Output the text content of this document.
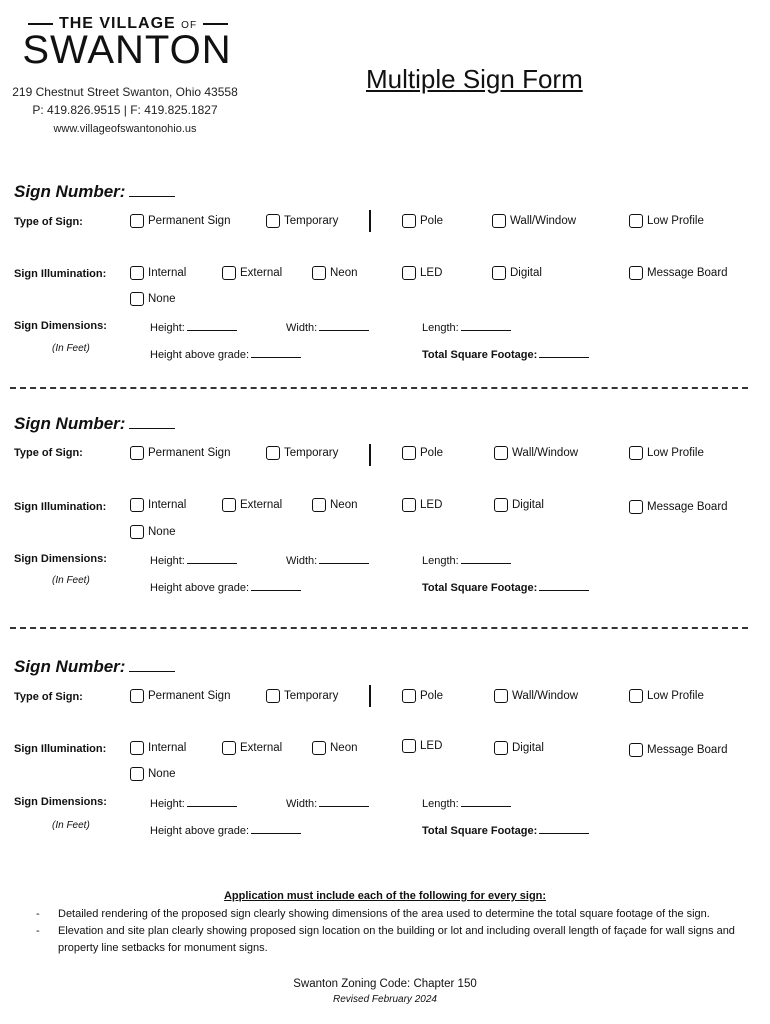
THE VILLAGE OF
SWANTON
219 Chestnut Street Swanton, Ohio 43558
P: 419.826.9515 | F: 419.825.1827
www.villageofswantonohio.us
Multiple Sign Form
Sign Number:
Type of Sign:	Permanent Sign	Temporary	Pole	Wall/Window	Low Profile
Sign Illumination:	Internal	External	Neon	LED	Digital	Message Board
None
Sign Dimensions:
(In Feet)
Height:	Width:	Length:
Height above grade:	Total Square Footage:
Sign Number:
Type of Sign:	Permanent Sign	Temporary	Pole	Wall/Window	Low Profile
Sign Illumination:	Internal	External	Neon	LED	Digital	Message Board
None
Sign Dimensions:
(In Feet)
Height:	Width:	Length:
Height above grade:	Total Square Footage:
Sign Number:
Type of Sign:	Permanent Sign	Temporary	Pole	Wall/Window	Low Profile
Sign Illumination:	Internal	External	Neon	LED	Digital	Message Board
None
Sign Dimensions:
(In Feet)
Height:	Width:	Length:
Height above grade:	Total Square Footage:
Application must include each of the following for every sign:
-	Detailed rendering of the proposed sign clearly showing dimensions of the area used to determine the total square footage of the sign.
-	Elevation and site plan clearly showing proposed sign location on the building or lot and including overall length of façade for wall signs and property line setbacks for monument signs.
Swanton Zoning Code: Chapter 150
Revised February 2024
